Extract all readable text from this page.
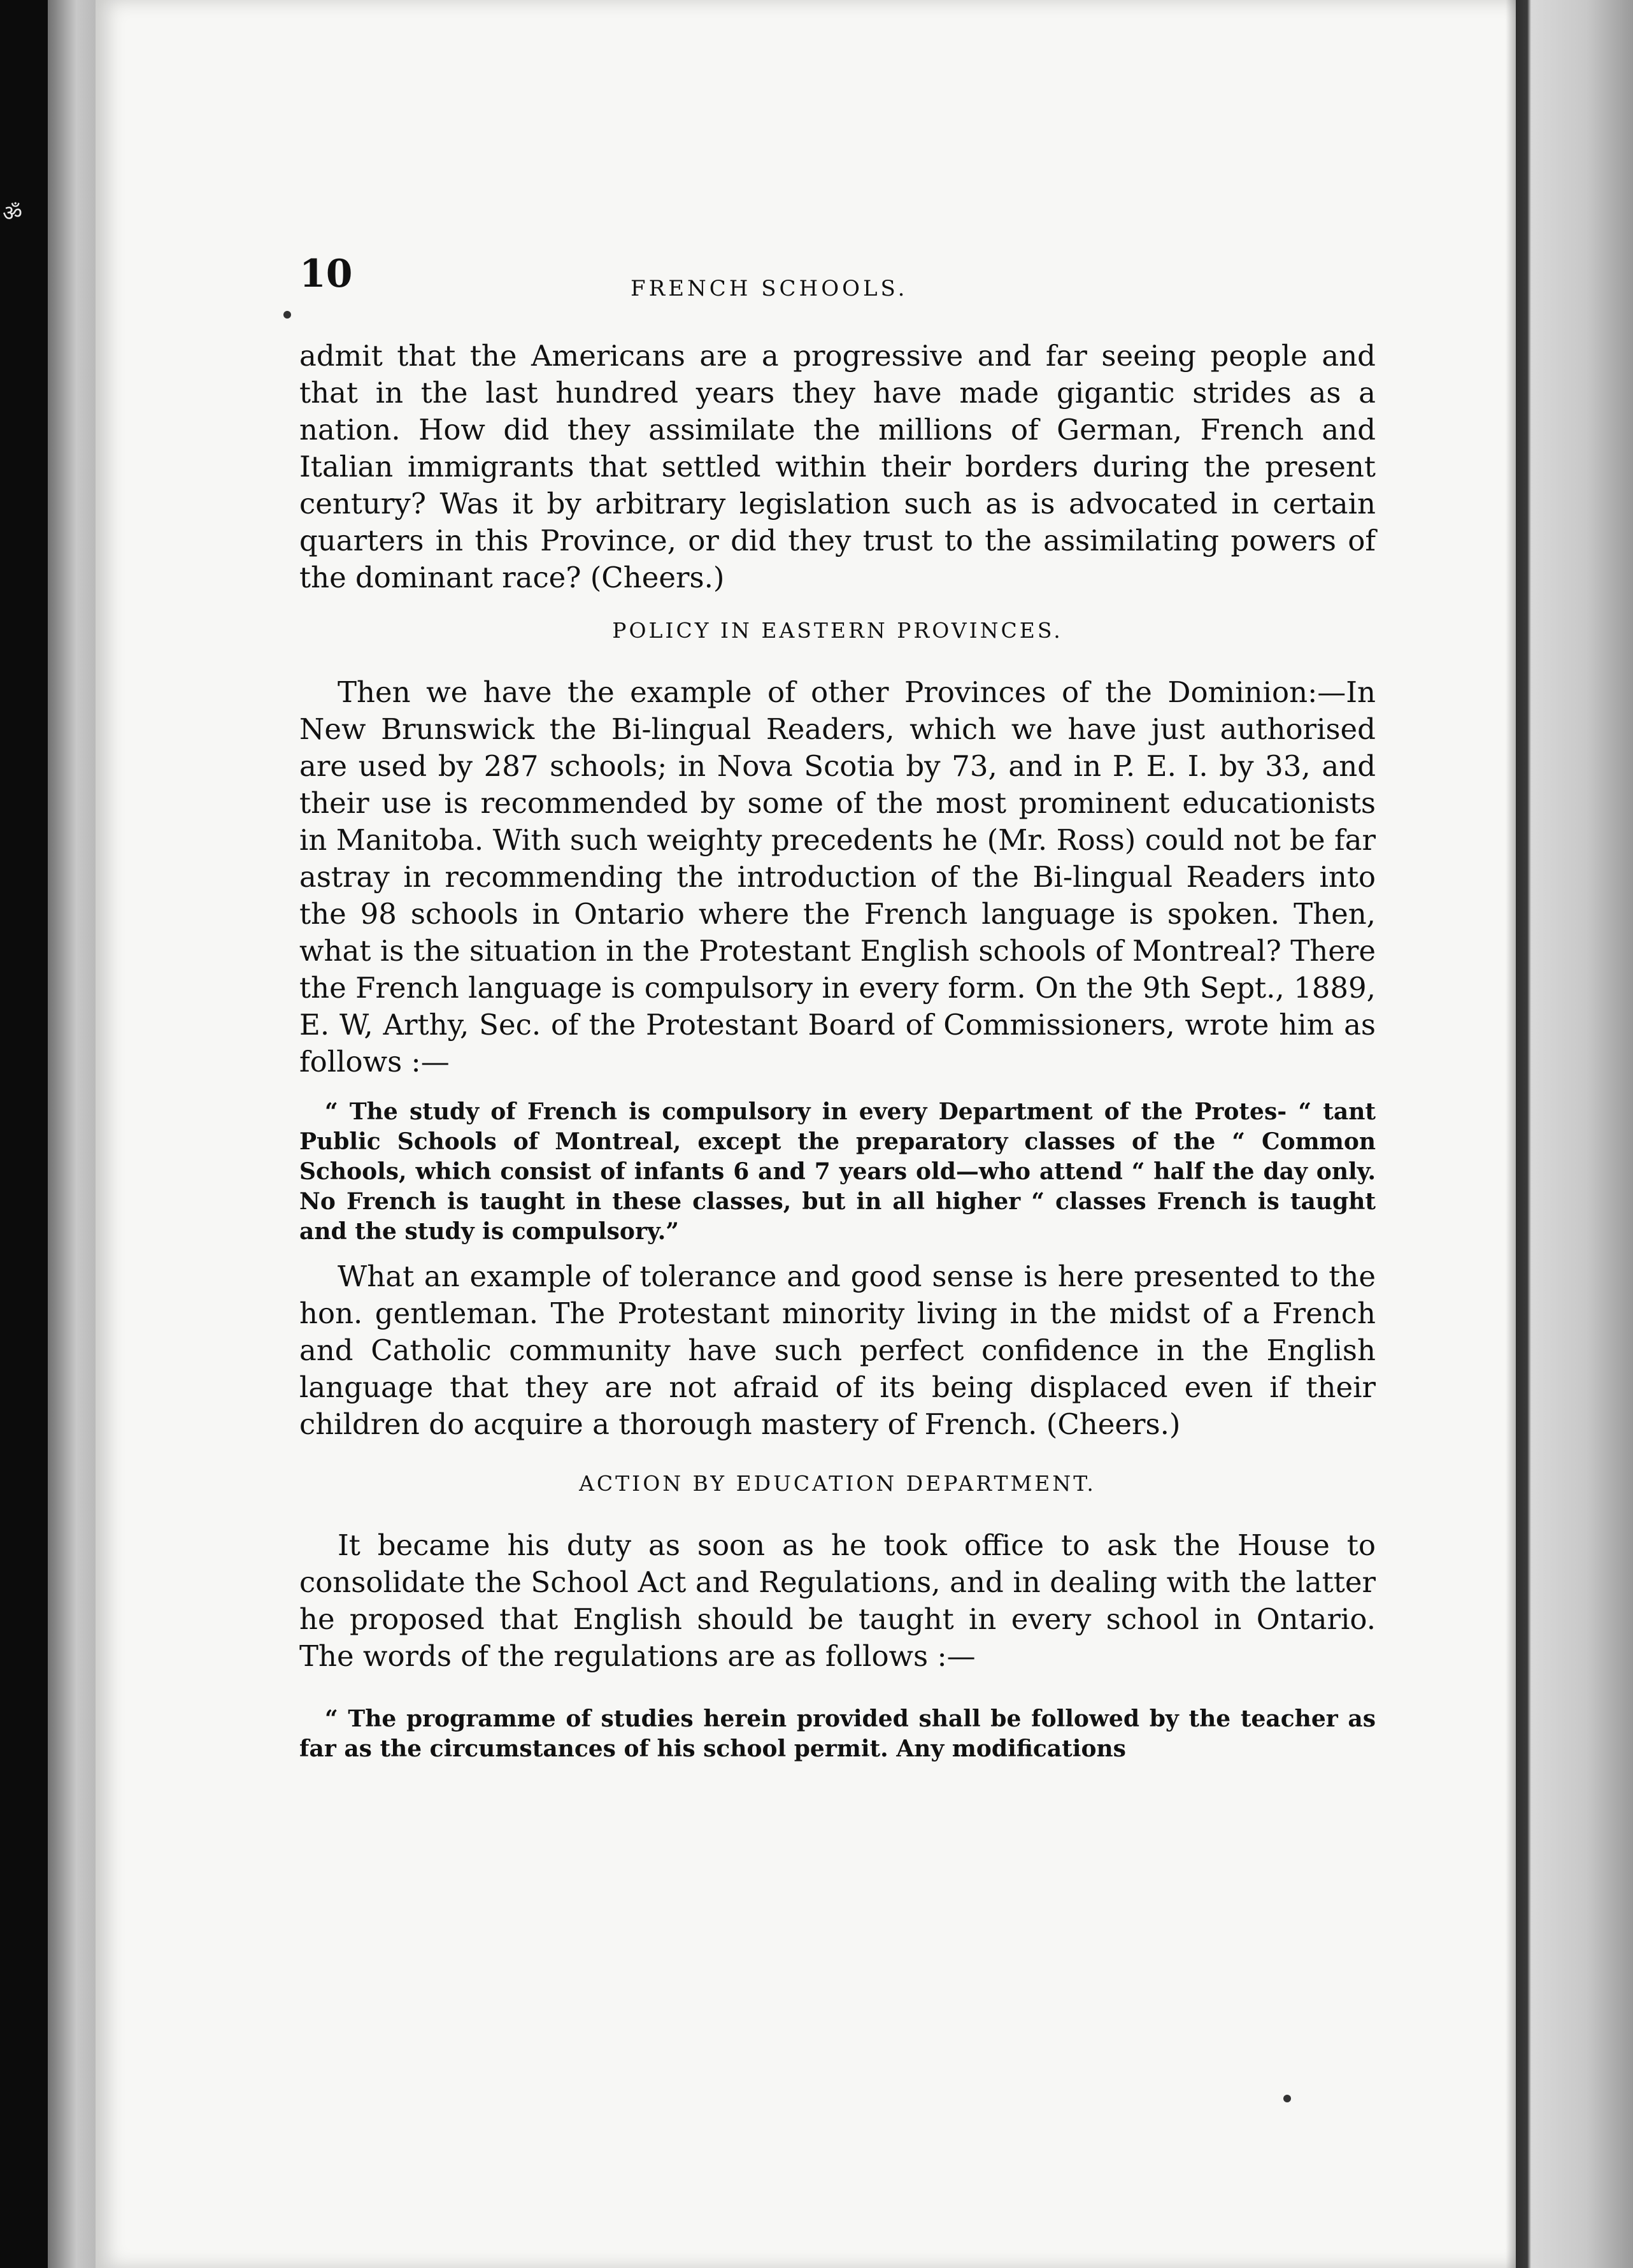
ॐ
10	FRENCH SCHOOLS.

admit that the Americans are a progressive and far seeing people and that in the last hundred years they have made gigantic strides as a nation. How did they assimilate the millions of German, French and Italian immigrants that settled within their borders during the present century? Was it by arbitrary legislation such as is advocated in certain quarters in this Province, or did they trust to the assimilating powers of the dominant race? (Cheers.)

POLICY IN EASTERN PROVINCES.

Then we have the example of other Provinces of the Dominion:—In New Brunswick the Bi-lingual Readers, which we have just authorised are used by 287 schools; in Nova Scotia by 73, and in P. E. I. by 33, and their use is recommended by some of the most prominent educationists in Manitoba. With such weighty precedents he (Mr. Ross) could not be far astray in recommending the introduction of the Bi-lingual Readers into the 98 schools in Ontario where the French language is spoken. Then, what is the situation in the Protestant English schools of Montreal? There the French language is compulsory in every form. On the 9th Sept., 1889, E. W, Arthy, Sec. of the Protestant Board of Commissioners, wrote him as follows :—

“ The study of French is compulsory in every Department of the Protes- “ tant Public Schools of Montreal, except the preparatory classes of the “ Common Schools, which consist of infants 6 and 7 years old—who attend “ half the day only. No French is taught in these classes, but in all higher “ classes French is taught and the study is compulsory.”

What an example of tolerance and good sense is here presented to the hon. gentleman. The Protestant minority living in the midst of a French and Catholic community have such perfect confidence in the English language that they are not afraid of its being displaced even if their children do acquire a thorough mastery of French. (Cheers.)

ACTION BY EDUCATION DEPARTMENT.

It became his duty as soon as he took office to ask the House to consolidate the School Act and Regulations, and in dealing with the latter he proposed that English should be taught in every school in Ontario. The words of the regulations are as follows :—

“ The programme of studies herein provided shall be followed by the teacher as far as the circumstances of his school permit. Any modifications
